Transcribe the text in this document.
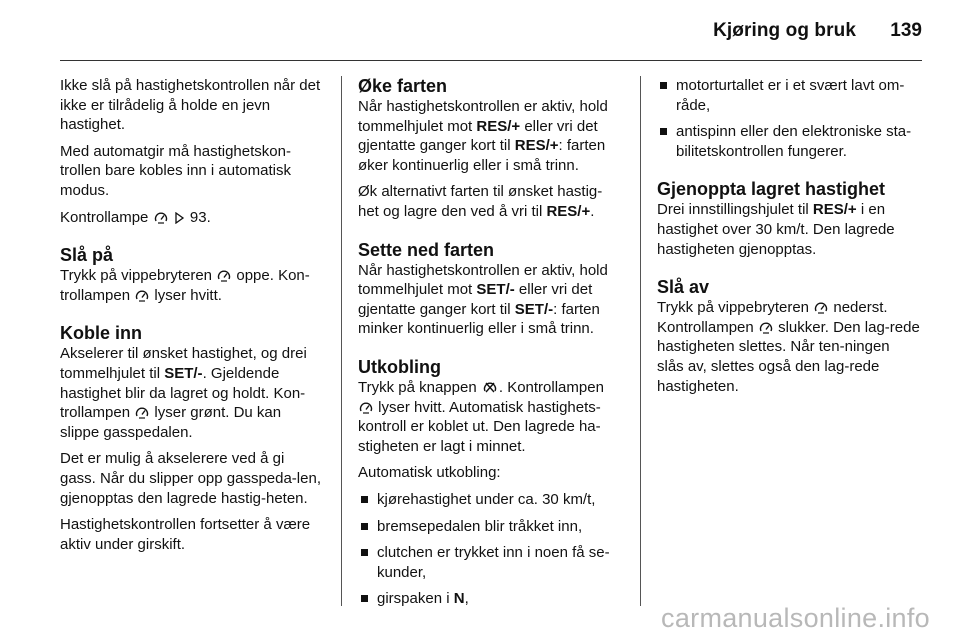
Kjøring og bruk 139

Ikke slå på hastighetskontrollen når det ikke er tilrådelig å holde en jevn hastighet.

Med automatgir må hastighetskon-trollen bare kobles inn i automatisk modus.

Kontrollampe	93.

Slå på

Trykk på vippebryteren oppe. Kon-trollampen lyser hvitt.

Koble inn

Akselerer til ønsket hastighet, og drei tommelhjulet til SET/-. Gjeldende hastighet blir da lagret og holdt. Kon-trollampen lyser grønt. Du kan slippe gasspedalen.

Det er mulig å akselerere ved å gi gass. Når du slipper opp gasspeda-len, gjenopptas den lagrede hastig-heten.

Hastighetskontrollen fortsetter å være aktiv under girskift.

Øke farten

Når hastighetskontrollen er aktiv, hold tommelhjulet mot RES/+ eller vri det gjentatte ganger kort til RES/+: farten øker kontinuerlig eller i små trinn.

Øk alternativt farten til ønsket hastig-het og lagre den ved å vri til RES/+.

Sette ned farten

Når hastighetskontrollen er aktiv, hold tommelhjulet mot SET/- eller vri det gjentatte ganger kort til SET/-: farten minker kontinuerlig eller i små trinn.

Utkobling

Trykk på knappen . Kontrollampen  lyser hvitt. Automatisk hastighets-kontroll er koblet ut. Den lagrede ha-stigheten er lagt i minnet.

Automatisk utkobling:

kjørehastighet under ca. 30 km/t,
bremsepedalen blir tråkket inn,
clutchen er trykket inn i noen få se-kunder,
girspaken i N,
motorturtallet er i et svært lavt om-råde,
antispinn eller den elektroniske sta-bilitetskontrollen fungerer.
Gjenoppta lagret hastighet

Drei innstillingshjulet til RES/+ i en hastighet over 30 km/t. Den lagrede hastigheten gjenopptas.

Slå av

Trykk på vippebryteren nederst. Kontrollampen slukker. Den lag-rede hastigheten slettes. Når ten-ningen slås av, slettes også den lag-rede hastigheten.

carmanualsonline.info
